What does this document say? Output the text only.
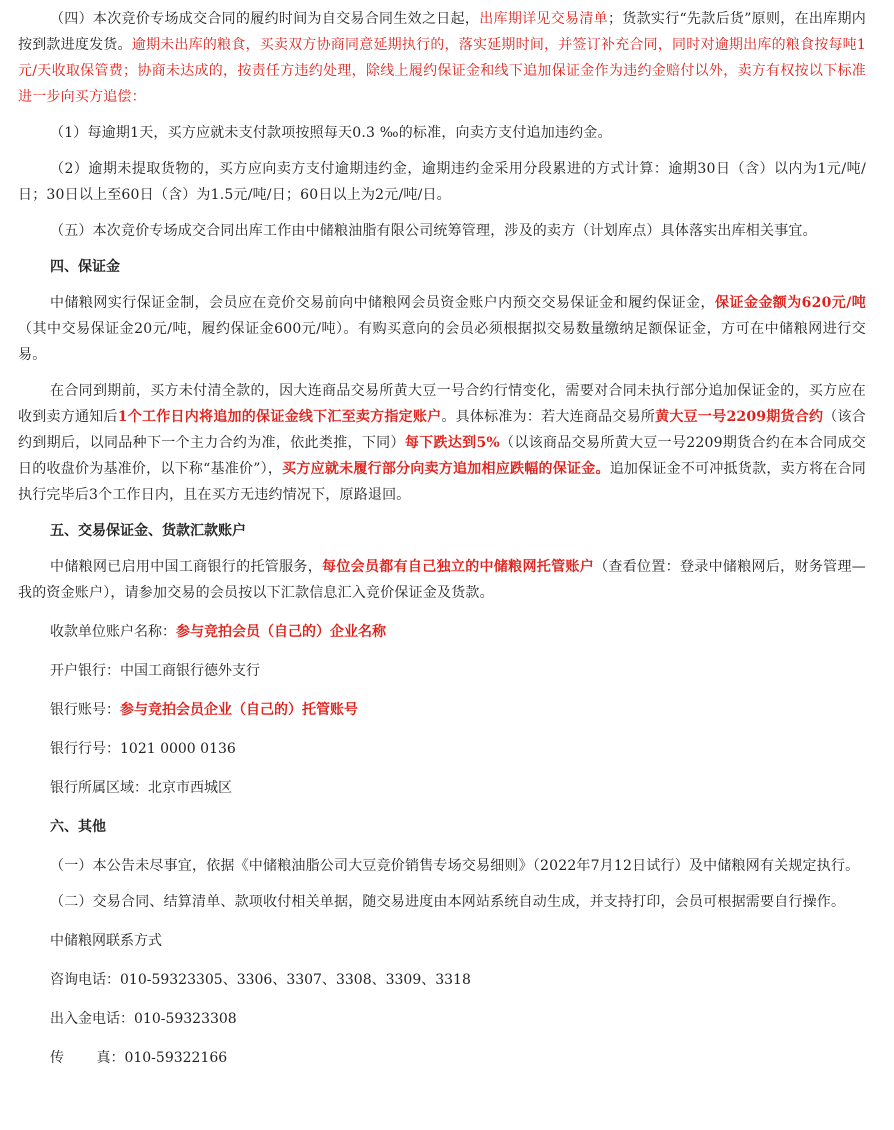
（四）本次竞价专场成交合同的履约时间为自交易合同生效之日起，出库期详见交易清单；货款实行“先款后货”原则，在出库期内按到款进度发货。逾期未出库的粮食，买卖双方协商同意延期执行的，落实延期时间，并签订补充合同，同时对逾期出库的粮食按每吨1元/天收取保管费；协商未达成的，按责任方违约处理，除线上履约保证金和线下追加保证金作为违约金赔付以外，卖方有权按以下标准进一步向买方追偿：

（1）每逾期1天，买方应就未支付款项按照每天0.3 ‰的标准，向卖方支付追加违约金。

（2）逾期未提取货物的，买方应向卖方支付逾期违约金，逾期违约金采用分段累进的方式计算：逾期30日（含）以内为1元/吨/日；30日以上至60日（含）为1.5元/吨/日；60日以上为2元/吨/日。

（五）本次竞价专场成交合同出库工作由中储粮油脂有限公司统筹管理，涉及的卖方（计划库点）具体落实出库相关事宜。

四、保证金

中储粮网实行保证金制，会员应在竞价交易前向中储粮网会员资金账户内预交交易保证金和履约保证金，保证金金额为620元/吨（其中交易保证金20元/吨，履约保证金600元/吨）。有购买意向的会员必须根据拟交易数量缴纳足额保证金，方可在中储粮网进行交易。

在合同到期前，买方未付清全款的，因大连商品交易所黄大豆一号合约行情变化，需要对合同未执行部分追加保证金的，买方应在收到卖方通知后1个工作日内将追加的保证金线下汇至卖方指定账户。具体标准为：若大连商品交易所黄大豆一号2209期货合约（该合约到期后，以同品种下一个主力合约为准，依此类推，下同）每下跌达到5%（以该商品交易所黄大豆一号2209期货合约在本合同成交日的收盘价为基准价，以下称“基准价”），买方应就未履行部分向卖方追加相应跌幅的保证金。追加保证金不可冲抵货款，卖方将在合同执行完毕后3个工作日内，且在买方无违约情况下，原路退回。

五、交易保证金、货款汇款账户

中储粮网已启用中国工商银行的托管服务，每位会员都有自己独立的中储粮网托管账户（查看位置：登录中储粮网后，财务管理—我的资金账户），请参加交易的会员按以下汇款信息汇入竞价保证金及货款。

收款单位账户名称：参与竞拍会员（自己的）企业名称

开户银行：中国工商银行德外支行

银行账号：参与竞拍会员企业（自己的）托管账号

银行行号：1021 0000 0136

银行所属区域：北京市西城区

六、其他

（一）本公告未尽事宜，依据《中储粮油脂公司大豆竞价销售专场交易细则》（2022年7月12日试行）及中储粮网有关规定执行。

（二）交易合同、结算清单、款项收付相关单据，随交易进度由本网站系统自动生成，并支持打印，会员可根据需要自行操作。

中储粮网联系方式

咨询电话：010-59323305、3306、3307、3308、3309、3318

出入金电话：010-59323308

传　　 真：010-59322166
